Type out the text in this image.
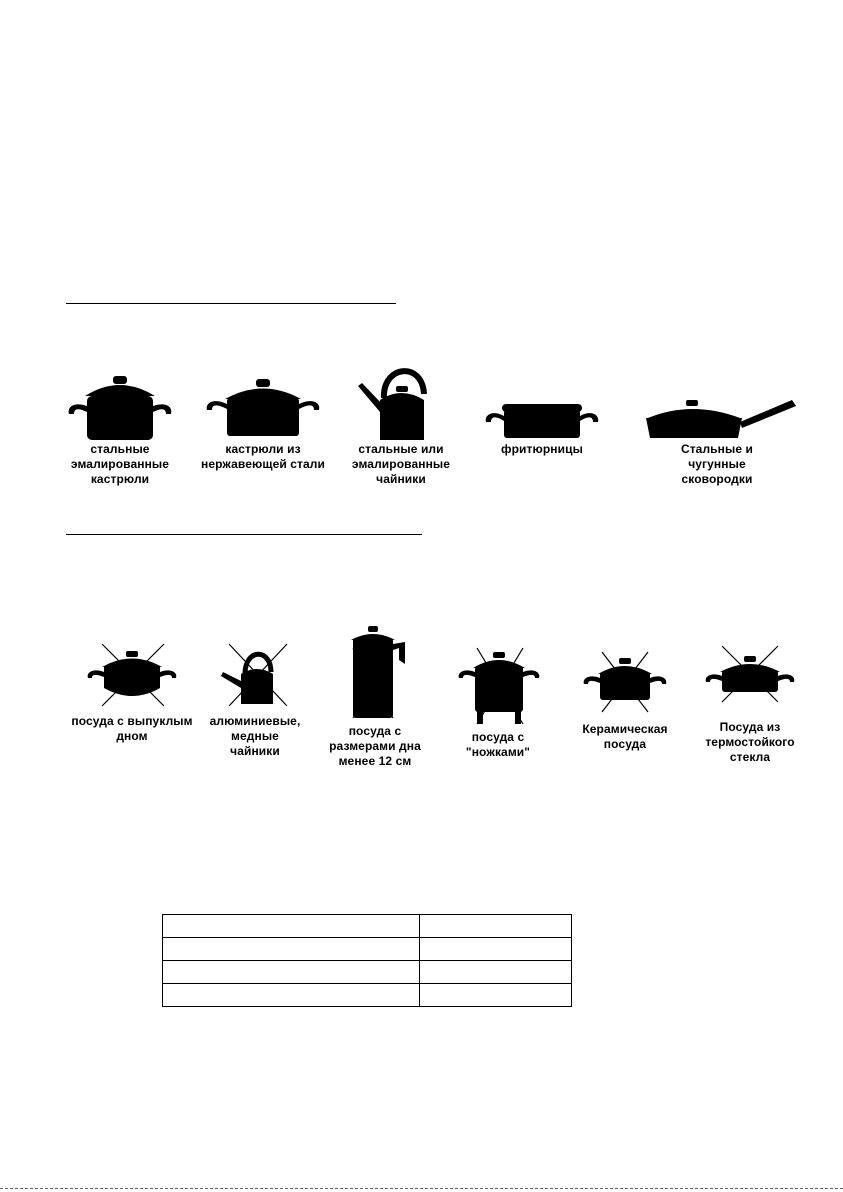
стальные
эмалированные
кастрюли
кастрюли из
нержавеющей стали
стальные или
эмалированные
чайники
фритюрницы	Стальные и
чугунные
сковородки
посуда с выпуклым
дном
алюминиевые,
медные
чайники
посуда с
размерами дна
менее 12 см
посуда с
"ножками"
Керамическая
посуда
Посуда из
термостойкого
стекла
